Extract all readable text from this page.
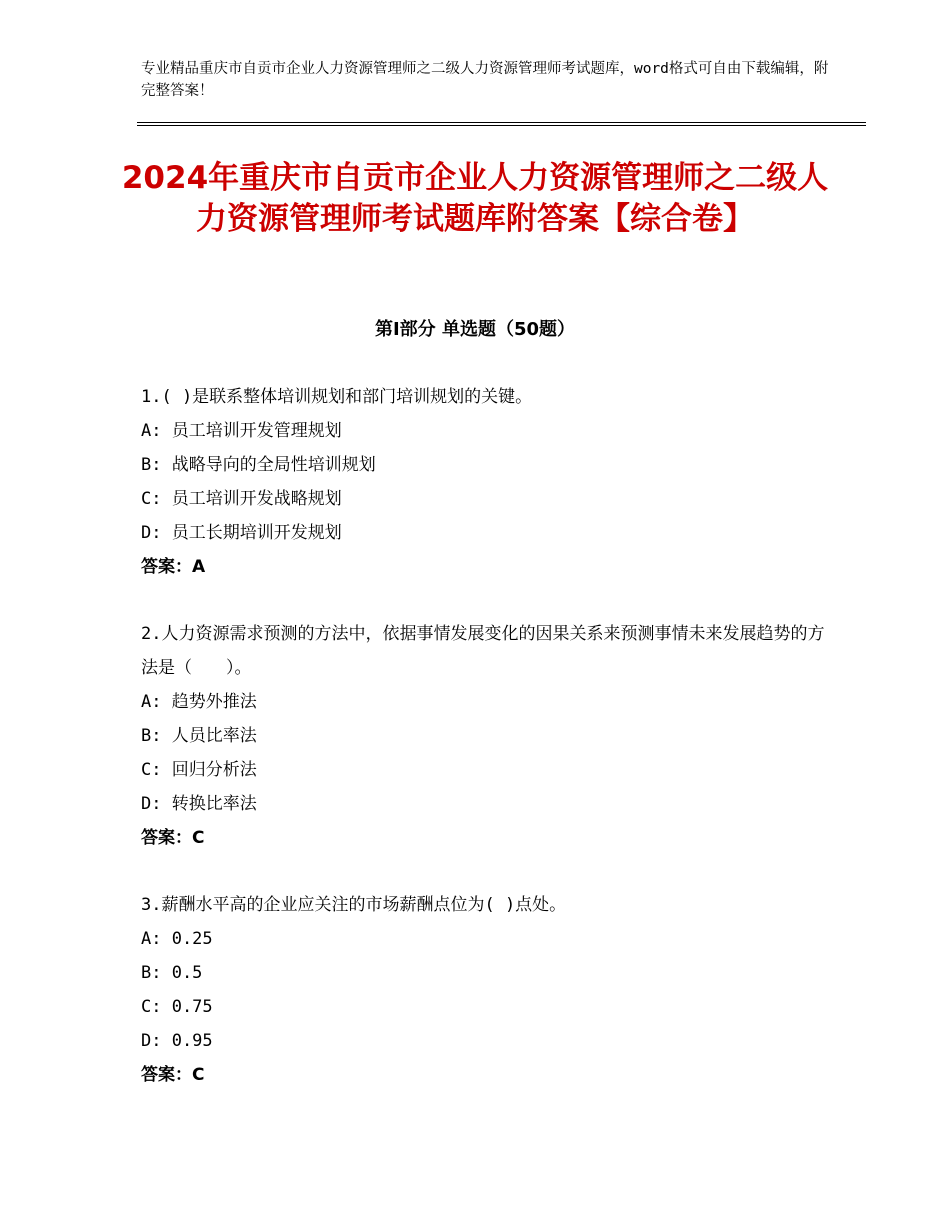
专业精品重庆市自贡市企业人力资源管理师之二级人力资源管理师考试题库，word格式可自由下载编辑，附完整答案！
2024年重庆市自贡市企业人力资源管理师之二级人力资源管理师考试题库附答案【综合卷】
第Ⅰ部分 单选题（50题）
1.( )是联系整体培训规划和部门培训规划的关键。
A: 员工培训开发管理规划
B: 战略导向的全局性培训规划
C: 员工培训开发战略规划
D: 员工长期培训开发规划
答案：A
2.人力资源需求预测的方法中，依据事情发展变化的因果关系来预测事情未来发展趋势的方法是（　　）。
A: 趋势外推法
B: 人员比率法
C: 回归分析法
D: 转换比率法
答案：C
3.薪酬水平高的企业应关注的市场薪酬点位为( )点处。
A: 0.25
B: 0.5
C: 0.75
D: 0.95
答案：C
